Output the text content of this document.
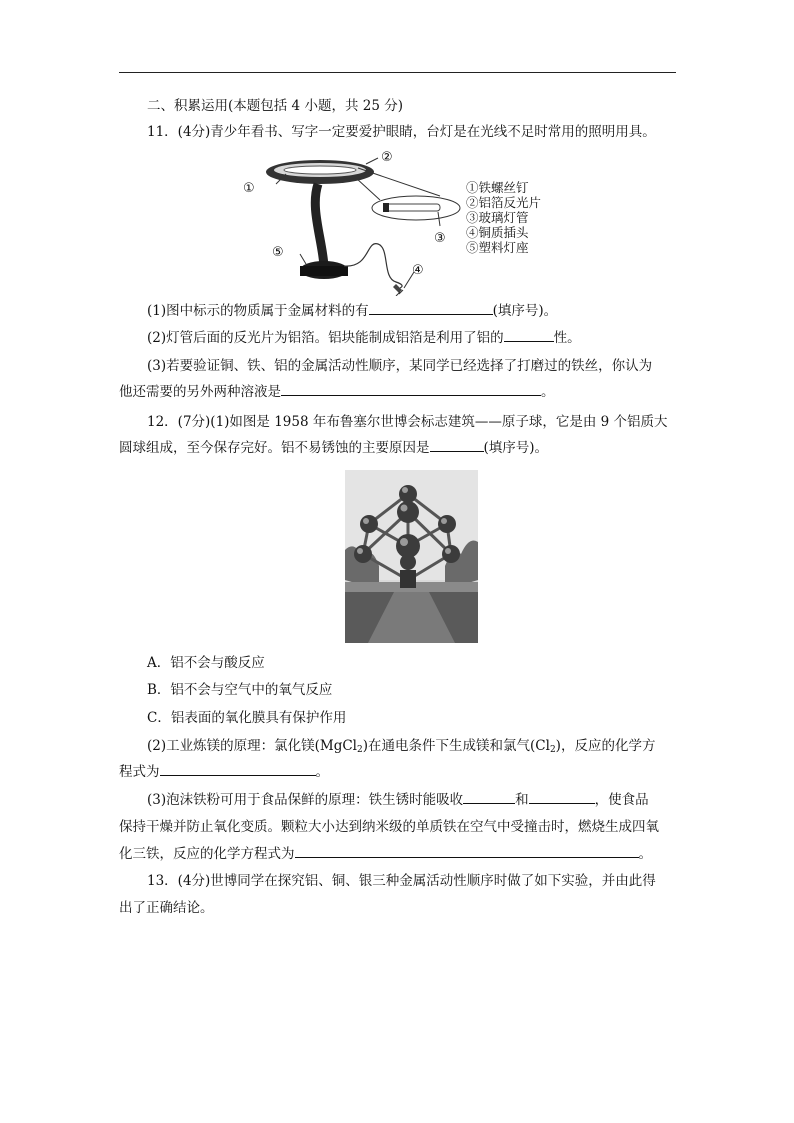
二、积累运用(本题包括 4 小题，共 25 分)
11．(4分)青少年看书、写字一定要爱护眼睛，台灯是在光线不足时常用的照明用具。
①
②
③
④
⑤
①铁螺丝钉
②铝箔反光片
③玻璃灯管
④铜质插头
⑤塑料灯座
(1)图中标示的物质属于金属材料的有	(填序号)。
(2)灯管后面的反光片为铝箔。铝块能制成铝箔是利用了铝的	性。
(3)若要验证铜、铁、铝的金属活动性顺序，某同学已经选择了打磨过的铁丝，你认为
他还需要的另外两种溶液是	。
12．(7分)(1)如图是 1958 年布鲁塞尔世博会标志建筑——原子球，它是由 9 个铝质大
圆球组成，至今保存完好。铝不易锈蚀的主要原因是	(填序号)。
A．铝不会与酸反应
B．铝不会与空气中的氧气反应
C．铝表面的氧化膜具有保护作用
(2)工业炼镁的原理：氯化镁(MgCl$_2$)在通电条件下生成镁和氯气$(Cl_2)$，反应的化学方
程式为	。
(3)泡沫铁粉可用于食品保鲜的原理：铁生锈时能吸收	和	，使食品
保持干燥并防止氧化变质。颗粒大小达到纳米级的单质铁在空气中受撞击时，燃烧生成四氧
化三铁，反应的化学方程式为	。
13．(4分)世博同学在探究铝、铜、银三种金属活动性顺序时做了如下实验，并由此得
出了正确结论。
